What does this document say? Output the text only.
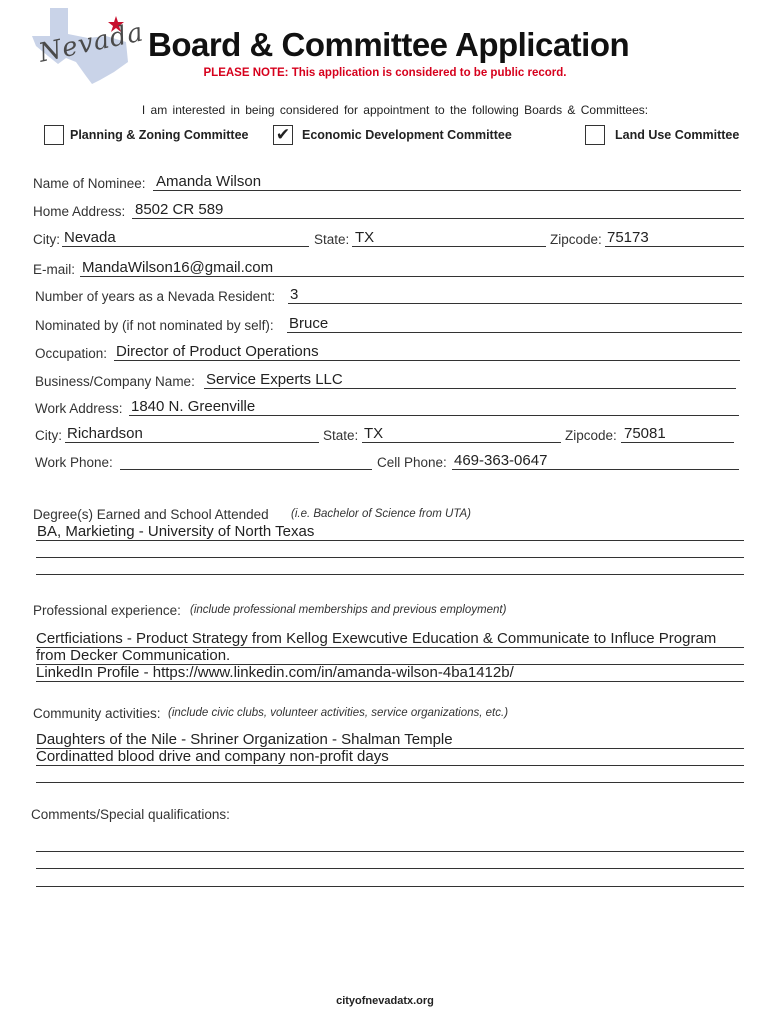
Nevada Board & Committee Application
PLEASE NOTE: This application is considered to be public record.
I am interested in being considered for appointment to the following Boards & Committees:
Planning & Zoning Committee ✔ Economic Development Committee	Land Use Committee
Name of Nominee: Amanda Wilson
Home Address: 8502 CR 589
City: Nevada	State: TX	Zipcode: 75173
E-mail: MandaWilson16@gmail.com
Number of years as a Nevada Resident: 3
Nominated by (if not nominated by self): Bruce
Occupation: Director of Product Operations
Business/Company Name: Service Experts LLC
Work Address: 1840 N. Greenville
City: Richardson	State: TX	Zipcode: 75081
Work Phone:	Cell Phone: 469-363-0647
Degree(s) Earned and School Attended (i.e. Bachelor of Science from UTA)
BA, Markieting - University of North Texas
Professional experience: (include professional memberships and previous employment)
Certficiations - Product Strategy from Kellog Exewcutive Education & Communicate to Influce Program
from Decker Communication.
LinkedIn Profile - https://www.linkedin.com/in/amanda-wilson-4ba1412b/
Community activities: (include civic clubs, volunteer activities, service organizations, etc.)
Daughters of the Nile - Shriner Organization - Shalman Temple
Cordinatted blood drive and company non-profit days
Comments/Special qualifications:
cityofnevadatx.org
